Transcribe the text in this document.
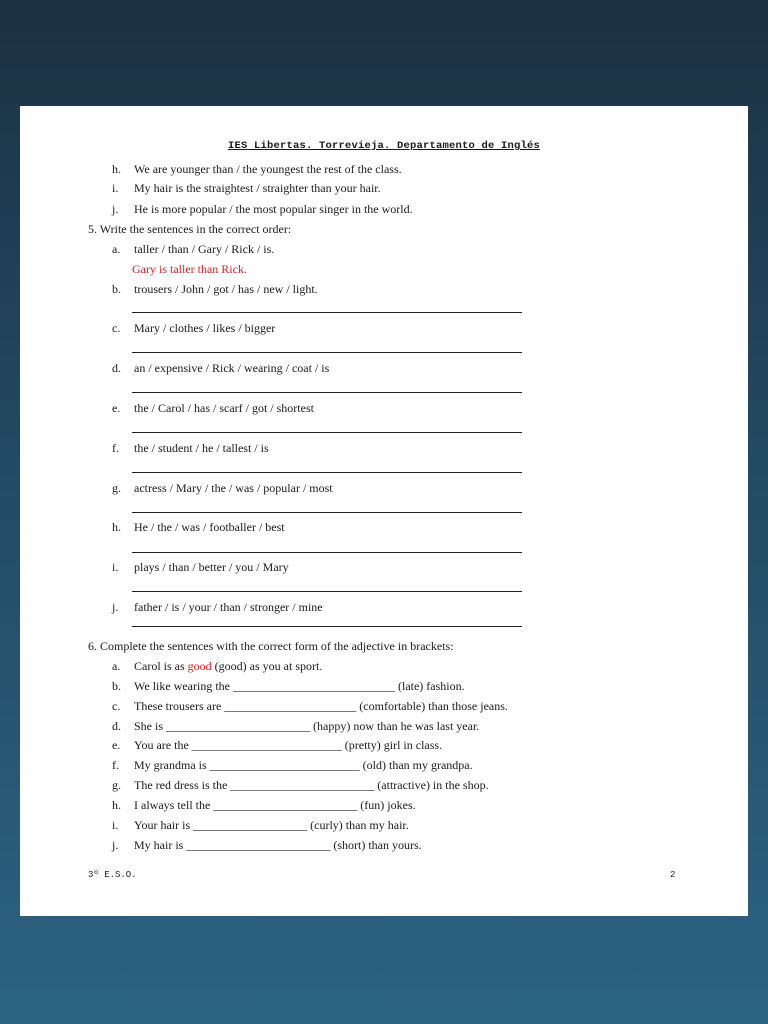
IES Libertas. Torrevieja. Departamento de Inglés
h.	We are younger than / the youngest the rest of the class.
i.	My hair is the straightest / straighter than your hair.
j.	He is more popular / the most popular singer in the world.
5. Write the sentences in the correct order:
a.	taller / than / Gary / Rick / is.
Gary is taller than Rick.
b.	trousers / John / got / has / new / light.
c.	Mary / clothes / likes / bigger
d.	an / expensive / Rick / wearing / coat / is
e.	the / Carol / has / scarf / got / shortest
f.	the / student / he / tallest / is
g.	actress / Mary / the / was / popular / most
h.	He / the / was / footballer / best
i.	plays / than / better / you / Mary
j.	father / is / your / than / stronger / mine
6. Complete the sentences with the correct form of the adjective in brackets:
a.	Carol is as good (good) as you at sport.
b.	We like wearing the ___________________________ (late) fashion.
c.	These trousers are ______________________ (comfortable) than those jeans.
d.	She is ________________________ (happy) now than he was last year.
e.	You are the _________________________ (pretty) girl in class.
f.	My grandma is _________________________ (old) than my grandpa.
g.	The red dress is the ________________________ (attractive) in the shop.
h.	I always tell the ________________________ (fun) jokes.
i.	Your hair is ___________________ (curly) than my hair.
j.	My hair is ________________________ (short) than yours.
3º E.S.O.	2
